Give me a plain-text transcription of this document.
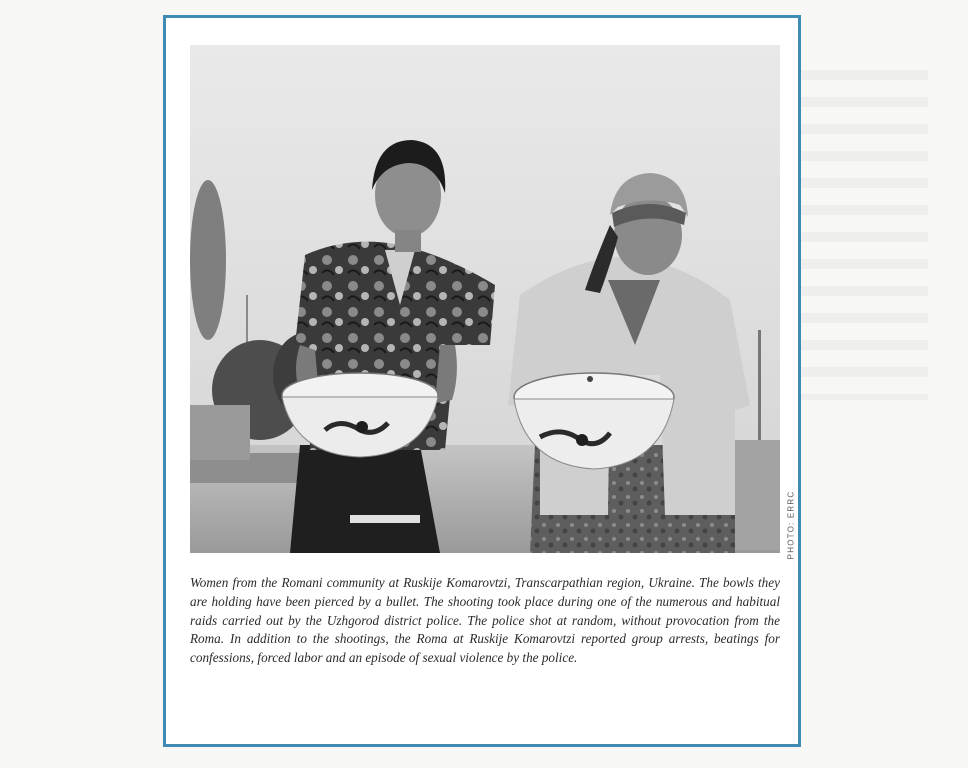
PHOTO: ERRC

Women from the Romani community at Ruskije Komarovtzi, Transcarpathian region, Ukraine. The bowls they are holding have been pierced by a bullet. The shooting took place during one of the numerous and habitual raids carried out by the Uzhgorod district police. The police shot at random, without provocation from the Roma. In addition to the shootings, the Roma at Ruskije Komarovtzi reported group arrests, beatings for confessions, forced labor and an episode of sexual violence by the police.
